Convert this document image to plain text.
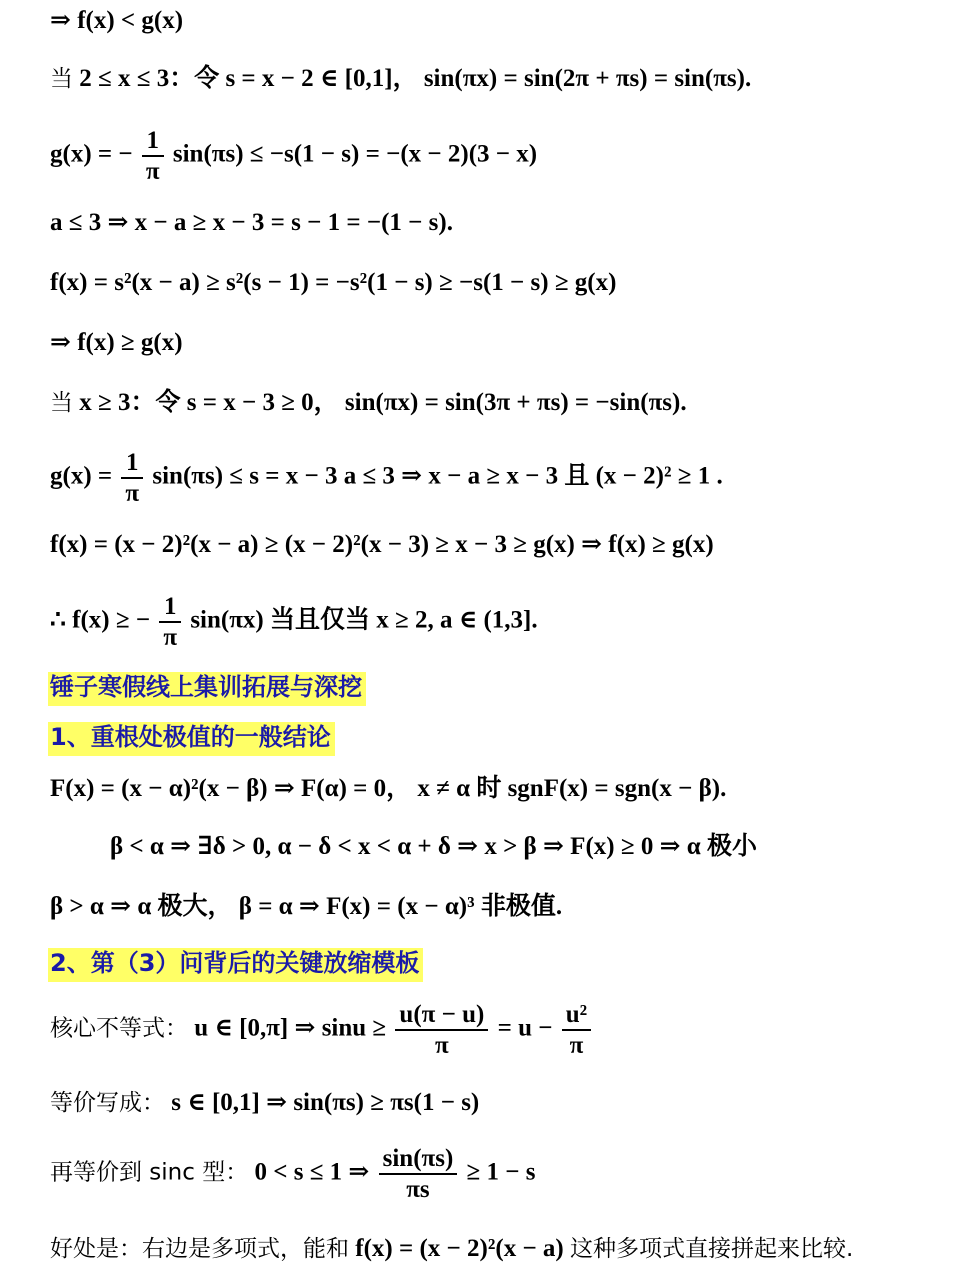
⇒ f(x) < g(x)
当 2 ≤ x ≤ 3：令 s = x − 2 ∈ [0,1]， sin(πx) = sin(2π + πs) = sin(πs).
g(x) = − $\frac{1}{\pi} \sin(\pi s) \le -s(1 - s) = -(x - 2)(3 - x)$
a ≤ 3 ⇒ x − a ≥ x − 3 = s − 1 = −(1 − s).
f(x) = s²(x − a) ≥ s²(s − 1) = −s²(1 − s) ≥ −s(1 − s) ≥ g(x)
⇒ f(x) ≥ g(x)
当 x ≥ 3：令 s = x − 3 ≥ 0， sin(πx) = sin(3π + πs) = −sin(πs).
$g(x) = \frac{1}{\pi} \sin(\pi s) \le s = x - 3$ a ≤ 3 ⇒ x − a ≥ x − 3 且 (x − 2)² ≥ 1 .
f(x) = (x − 2)²(x − a) ≥ (x − 2)²(x − 3) ≥ x − 3 ≥ g(x) ⇒ f(x) ≥ g(x)
∴ f(x) ≥ − $\frac{1}{\pi} \sin(\pi x)$ 当且仅当 x ≥ 2, a ∈ (1,3].
锤子寒假线上集训拓展与深挖
1、重根处极值的一般结论
F(x) = (x − α)²(x − β) ⇒ F(α) = 0， x ≠ α 时 sgnF(x) = sgn(x − β).
β < α ⇒ ∃δ > 0, α − δ < x < α + δ ⇒ x > β ⇒ F(x) ≥ 0 ⇒ α 极小
β > α ⇒ α 极大， β = α ⇒ F(x) = (x − α)³ 非极值.
2、第（3）问背后的关键放缩模板
核心不等式： u ∈ [0,π] ⇒ $\sin u \ge \frac{u(\pi - u)}{\pi} = u - \frac{\text{u²}}{\pi}$
等价写成： s ∈ [0,1] ⇒ sin(πs) ≥ πs(1 − s)
再等价到 sinc 型： 0 < s ≤ 1 ⇒ $\frac{\sin(\pi s)}{\pi s} \ge 1 - s$
好处是：右边是多项式，能和 f(x) = (x − 2)²(x − a) 这种多项式直接拼起来比较.
